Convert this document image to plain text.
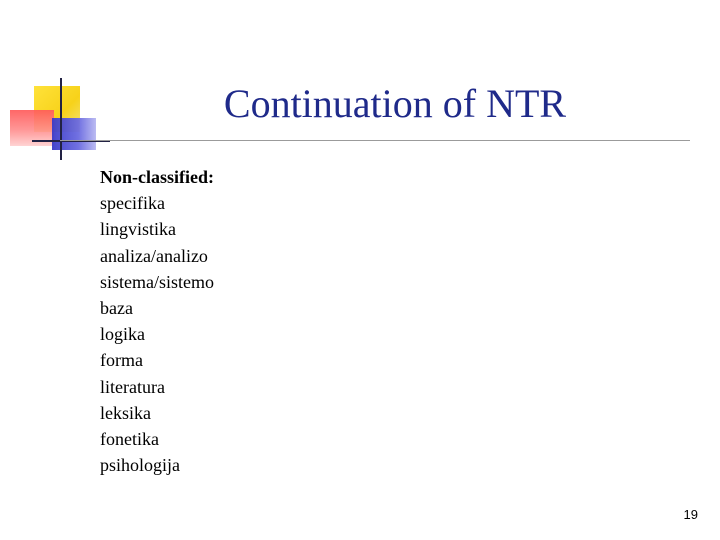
Continuation of NTR

Non-classified:

specifika
lingvistika
analiza/analizo
sistema/sistemo
baza
logika
forma
literatura
leksika
fonetika
psihologija
19
